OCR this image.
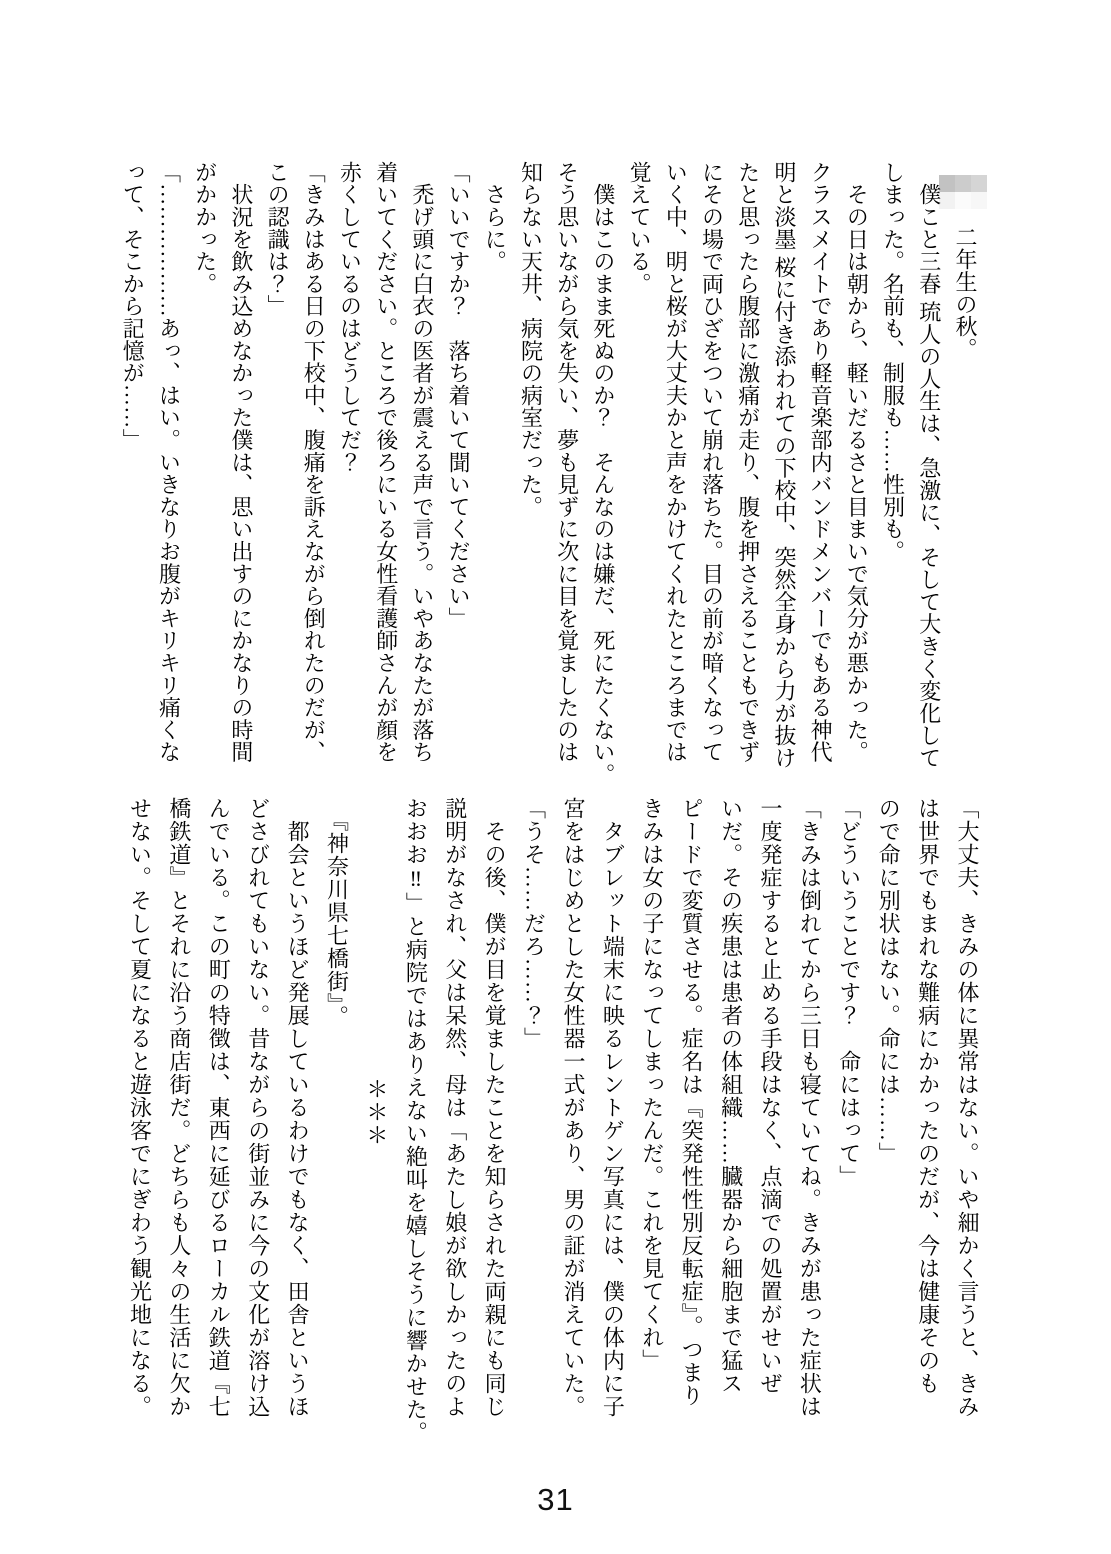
二年生の秋。
　僕こと三春 琉人の人生は、急激に、そして大きく変化して
しまった。名前も、制服も……性別も。
　その日は朝から、軽いだるさと目まいで気分が悪かった。
クラスメイトであり軽音楽部内バンドメンバーでもある神代
明と淡墨 桜に付き添われての下校中、突然全身から力が抜け
たと思ったら腹部に激痛が走り、腹を押さえることもできず
にその場で両ひざをついて崩れ落ちた。目の前が暗くなって
いく中、明と桜が大丈夫かと声をかけてくれたところまでは
覚えている。
　僕はこのまま死ぬのか？　そんなのは嫌だ、死にたくない。
そう思いながら気を失い、夢も見ずに次に目を覚ましたのは
知らない天井、病院の病室だった。
　さらに。
「いいですか？　落ち着いて聞いてください」
　禿げ頭に白衣の医者が震える声で言う。いやあなたが落ち
着いてください。ところで後ろにいる女性看護師さんが顔を
赤くしているのはどうしてだ？
「きみはある日の下校中、腹痛を訴えながら倒れたのだが、
この認識は？」
　状況を飲み込めなかった僕は、思い出すのにかなりの時間
がかかった。
「………………あっ、はい。いきなりお腹がキリキリ痛くな
って、そこから記憶が……」
「大丈夫、きみの体に異常はない。いや細かく言うと、きみ
は世界でもまれな難病にかかったのだが、今は健康そのも
ので命に別状はない。命には……」
「どういうことです？　命にはって」
「きみは倒れてから三日も寝ていてね。きみが患った症状は
一度発症すると止める手段はなく、点滴での処置がせいぜ
いだ。その疾患は患者の体組織……臓器から細胞まで猛ス
ピードで変質させる。症名は『突発性性別反転症』。つまり
きみは女の子になってしまったんだ。これを見てくれ」
　タブレット端末に映るレントゲン写真には、僕の体内に子
宮をはじめとした女性器一式があり、男の証が消えていた。
「うそ……だろ……？」
　その後、僕が目を覚ましたことを知らされた両親にも同じ
説明がなされ、父は呆然、母は「あたし娘が欲しかったのよ
おおお‼」と病院ではありえない絶叫を嬉しそうに響かせた。
＊＊＊
　『神奈川県七橋街』。
　都会というほど発展しているわけでもなく、田舎というほ
どさびれてもいない。昔ながらの街並みに今の文化が溶け込
んでいる。この町の特徴は、東西に延びるローカル鉄道『七
橋鉄道』とそれに沿う商店街だ。どちらも人々の生活に欠か
せない。そして夏になると遊泳客でにぎわう観光地になる。
31
